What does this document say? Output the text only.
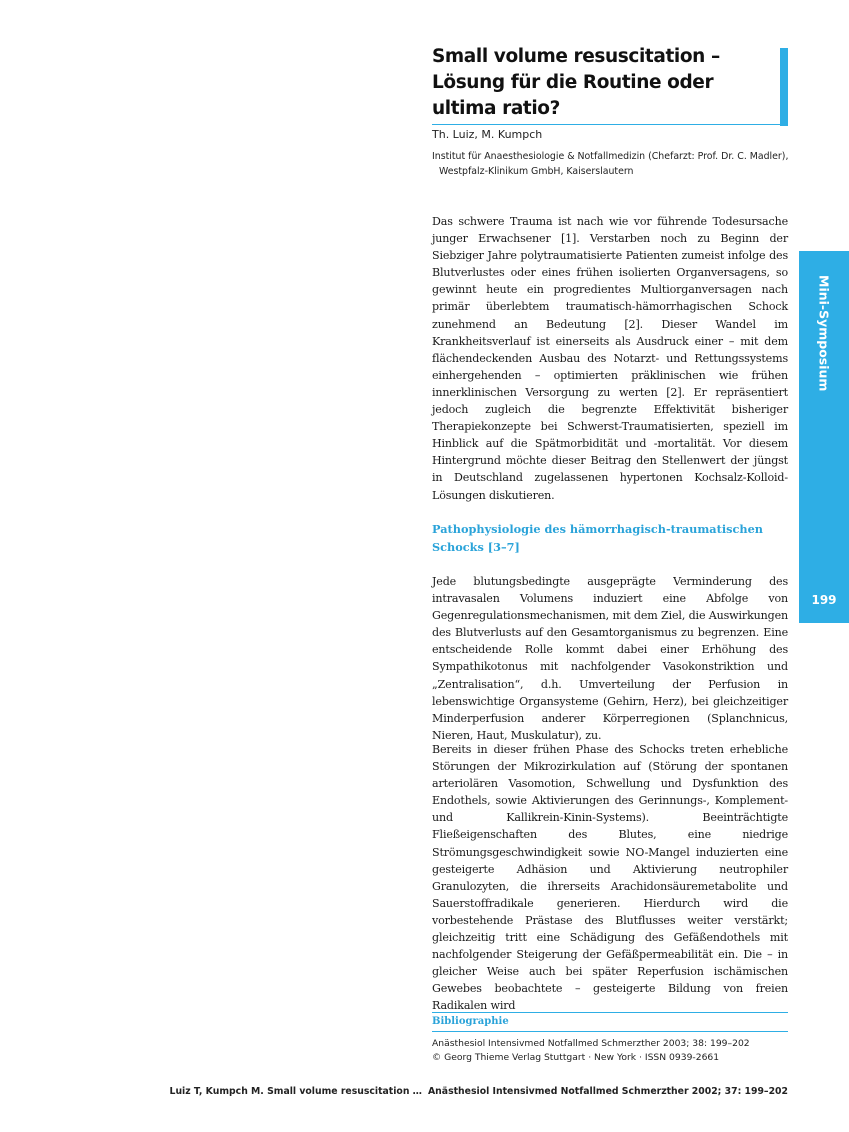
Small volume resuscitation – Lösung für die Routine oder ultima ratio?
Th. Luiz, M. Kumpch
Institut für Anaesthesiologie & Notfallmedizin (Chefarzt: Prof. Dr. C. Madler),
Westpfalz-Klinikum GmbH, Kaiserslautern

Das schwere Trauma ist nach wie vor führende Todesursache junger Erwachsener [1]. Verstarben noch zu Beginn der Siebziger Jahre polytraumatisierte Patienten zumeist infolge des Blutverlustes oder eines frühen isolierten Organversagens, so gewinnt heute ein progredientes Multiorganversagen nach primär überlebtem traumatisch-hämorrhagischen Schock zunehmend an Bedeutung [2]. Dieser Wandel im Krankheitsverlauf ist einerseits als Ausdruck einer – mit dem flächendeckenden Ausbau des Notarzt- und Rettungssystems einhergehenden – optimierten präklinischen wie frühen innerklinischen Versorgung zu werten [2]. Er repräsentiert jedoch zugleich die begrenzte Effektivität bisheriger Therapiekonzepte bei Schwerst-Traumatisierten, speziell im Hinblick auf die Spätmorbidität und -mortalität. Vor diesem Hintergrund möchte dieser Beitrag den Stellenwert der jüngst in Deutschland zugelassenen hypertonen Kochsalz-Kolloid-Lösungen diskutieren.

Pathophysiologie des hämorrhagisch-traumatischen Schocks [3–7]

Jede blutungsbedingte ausgeprägte Verminderung des intravasalen Volumens induziert eine Abfolge von Gegenregulationsmechanismen, mit dem Ziel, die Auswirkungen des Blutverlusts auf den Gesamtorganismus zu begrenzen. Eine entscheidende Rolle kommt dabei einer Erhöhung des Sympathikotonus mit nachfolgender Vasokonstriktion und „Zentralisation“, d.h. Umverteilung der Perfusion in lebenswichtige Organsysteme (Gehirn, Herz), bei gleichzeitiger Minderperfusion anderer Körperregionen (Splanchnicus, Nieren, Haut, Muskulatur), zu.

Bereits in dieser frühen Phase des Schocks treten erhebliche Störungen der Mikrozirkulation auf (Störung der spontanen arteriolären Vasomotion, Schwellung und Dysfunktion des Endothels, sowie Aktivierungen des Gerinnungs-, Komplement- und Kallikrein-Kinin-Systems). Beeinträchtigte Fließeigenschaften des Blutes, eine niedrige Strömungsgeschwindigkeit sowie NO-Mangel induzierten eine gesteigerte Adhäsion und Aktivierung neutrophiler Granulozyten, die ihrerseits Arachidonsäuremetabolite und Sauerstoffradikale generieren. Hierdurch wird die vorbestehende Prästase des Blutflusses weiter verstärkt; gleichzeitig tritt eine Schädigung des Gefäßendothels mit nachfolgender Steigerung der Gefäßpermeabilität ein. Die – in gleicher Weise auch bei später Reperfusion ischämischen Gewebes beobachtete – gesteigerte Bildung von freien Radikalen wird

Mini-Symposium
199
Bibliographie
Anästhesiol Intensivmed Notfallmed Schmerzther 2003; 38: 199–202
© Georg Thieme Verlag Stuttgart · New York · ISSN 0939-2661
Luiz T, Kumpch M. Small volume resuscitation … Anästhesiol Intensivmed Notfallmed Schmerzther 2002; 37: 199–202
